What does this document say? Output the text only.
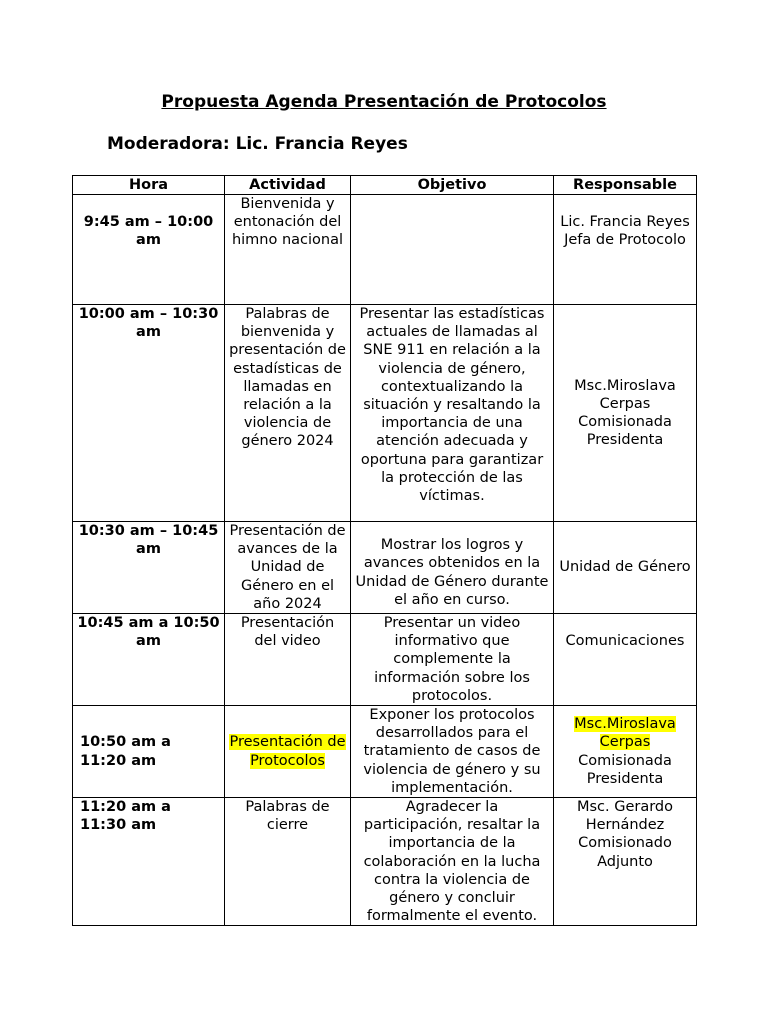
Propuesta Agenda Presentación de Protocolos
Moderadora: Lic. Francia Reyes
Hora	Actividad	Objetivo	Responsable
9:45 am – 10:00 am	Bienvenida y entonación del himno nacional		Lic. Francia Reyes
Jefa de Protocolo

10:00 am – 10:30 am	Palabras de bienvenida y presentación de estadísticas de llamadas en relación a la violencia de género 2024	Presentar las estadísticas actuales de llamadas al SNE 911 en relación a la violencia de género, contextualizando la situación y resaltando la importancia de una atención adecuada y oportuna para garantizar la protección de las víctimas.	Msc.Miroslava Cerpas
Comisionada Presidenta

10:30 am – 10:45 am	Presentación de avances de la Unidad de Género en el año 2024	Mostrar los logros y avances obtenidos en la Unidad de Género durante el año en curso.	Unidad de Género

10:45 am a 10:50 am	Presentación del video	Presentar un video informativo que complemente la información sobre los protocolos.	Comunicaciones

10:50 am a 11:20 am	Presentación de Protocolos	Exponer los protocolos desarrollados para el tratamiento de casos de violencia de género y su implementación.	Msc.Miroslava Cerpas
Comisionada Presidenta

11:20 am a 11:30 am	Palabras de cierre	Agradecer la participación, resaltar la importancia de la colaboración en la lucha contra la violencia de género y concluir formalmente el evento.	Msc. Gerardo Hernández
Comisionado Adjunto
